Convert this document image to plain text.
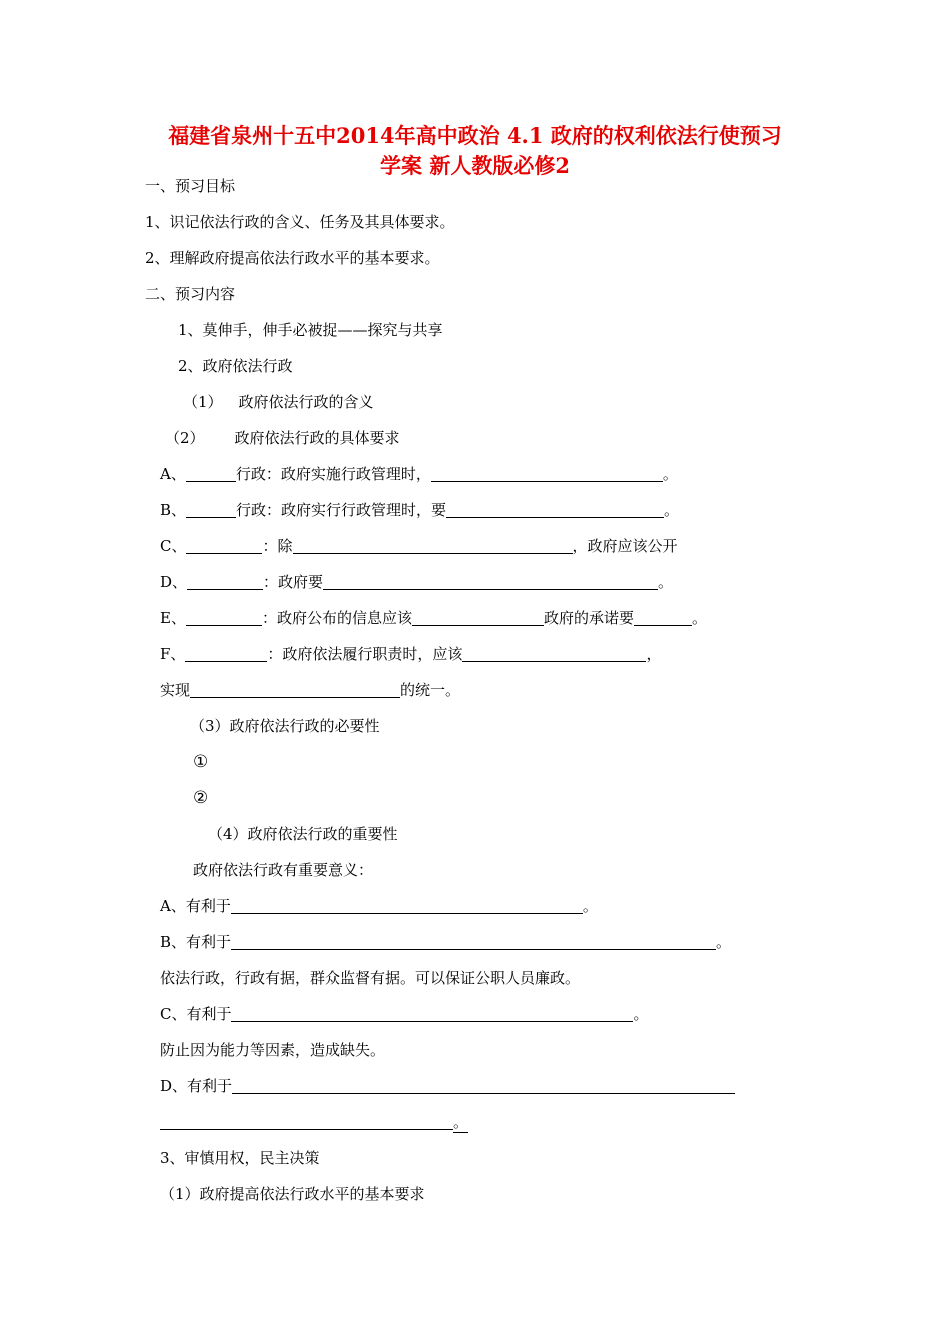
福建省泉州十五中2014年高中政治 4.1 政府的权利依法行使预习
学案 新人教版必修2
一、预习目标
1、识记依法行政的含义、任务及其具体要求。
2、理解政府提高依法行政水平的基本要求。
二、预习内容
1、莫伸手，伸手必被捉——探究与共享
2、政府依法行政
（1） 政府依法行政的含义
（2） 政府依法行政的具体要求
A、	行政：政府实施行政管理时，	。
B、	行政：政府实行行政管理时，要	。
C、	：除	，政府应该公开
D、	：政府要	。
E、	：政府公布的信息应该	政府的承诺要	。
F、	：政府依法履行职责时，应该	，
实现	的统一。
（3）政府依法行政的必要性
①
②
（4）政府依法行政的重要性
政府依法行政有重要意义：
A、有利于	。
B、有利于	。
依法行政，行政有据，群众监督有据。可以保证公职人员廉政。
C、有利于	。
防止因为能力等因素，造成缺失。
D、有利于
。
3、审慎用权，民主决策
（1）政府提高依法行政水平的基本要求
